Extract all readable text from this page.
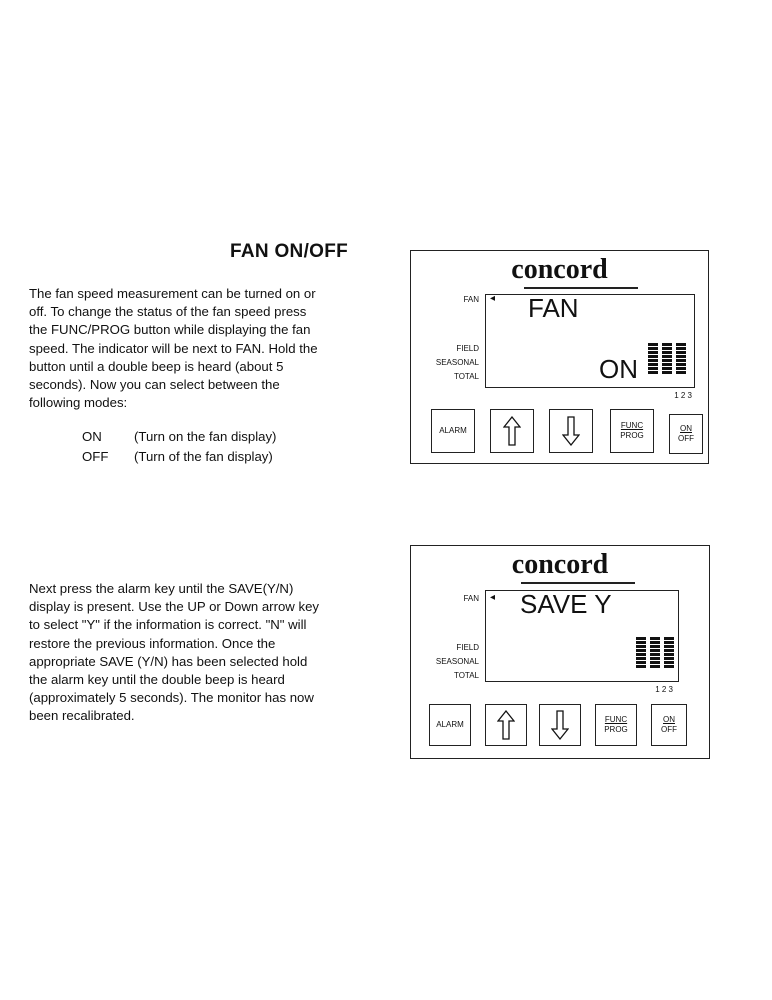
FAN ON/OFF
The fan speed measurement can be turned on or
off. To change the status of the fan speed press
the FUNC/PROG button while displaying the fan
speed. The indicator will be next to FAN. Hold the
button until a double beep is heard (about 5
seconds). Now you can select between the
following modes:
ON	(Turn on the fan display)
OFF	(Turn of the fan display)
concord
FAN ◂
FIELD
SEASONAL
TOTAL
FAN
ON
1 2 3
ALARM
FUNC
PROG
ON
OFF
Next press the alarm key until the SAVE(Y/N)
display is present. Use the UP or Down arrow key
to select "Y" if the information is correct. "N" will
restore the previous information. Once the
appropriate SAVE (Y/N) has been selected hold
the alarm key until the double beep is heard
(approximately 5 seconds). The monitor has now
been recalibrated.
concord
FAN ◂
FIELD
SEASONAL
TOTAL
SAVE Y
1 2 3
ALARM
FUNC
PROG
ON
OFF
